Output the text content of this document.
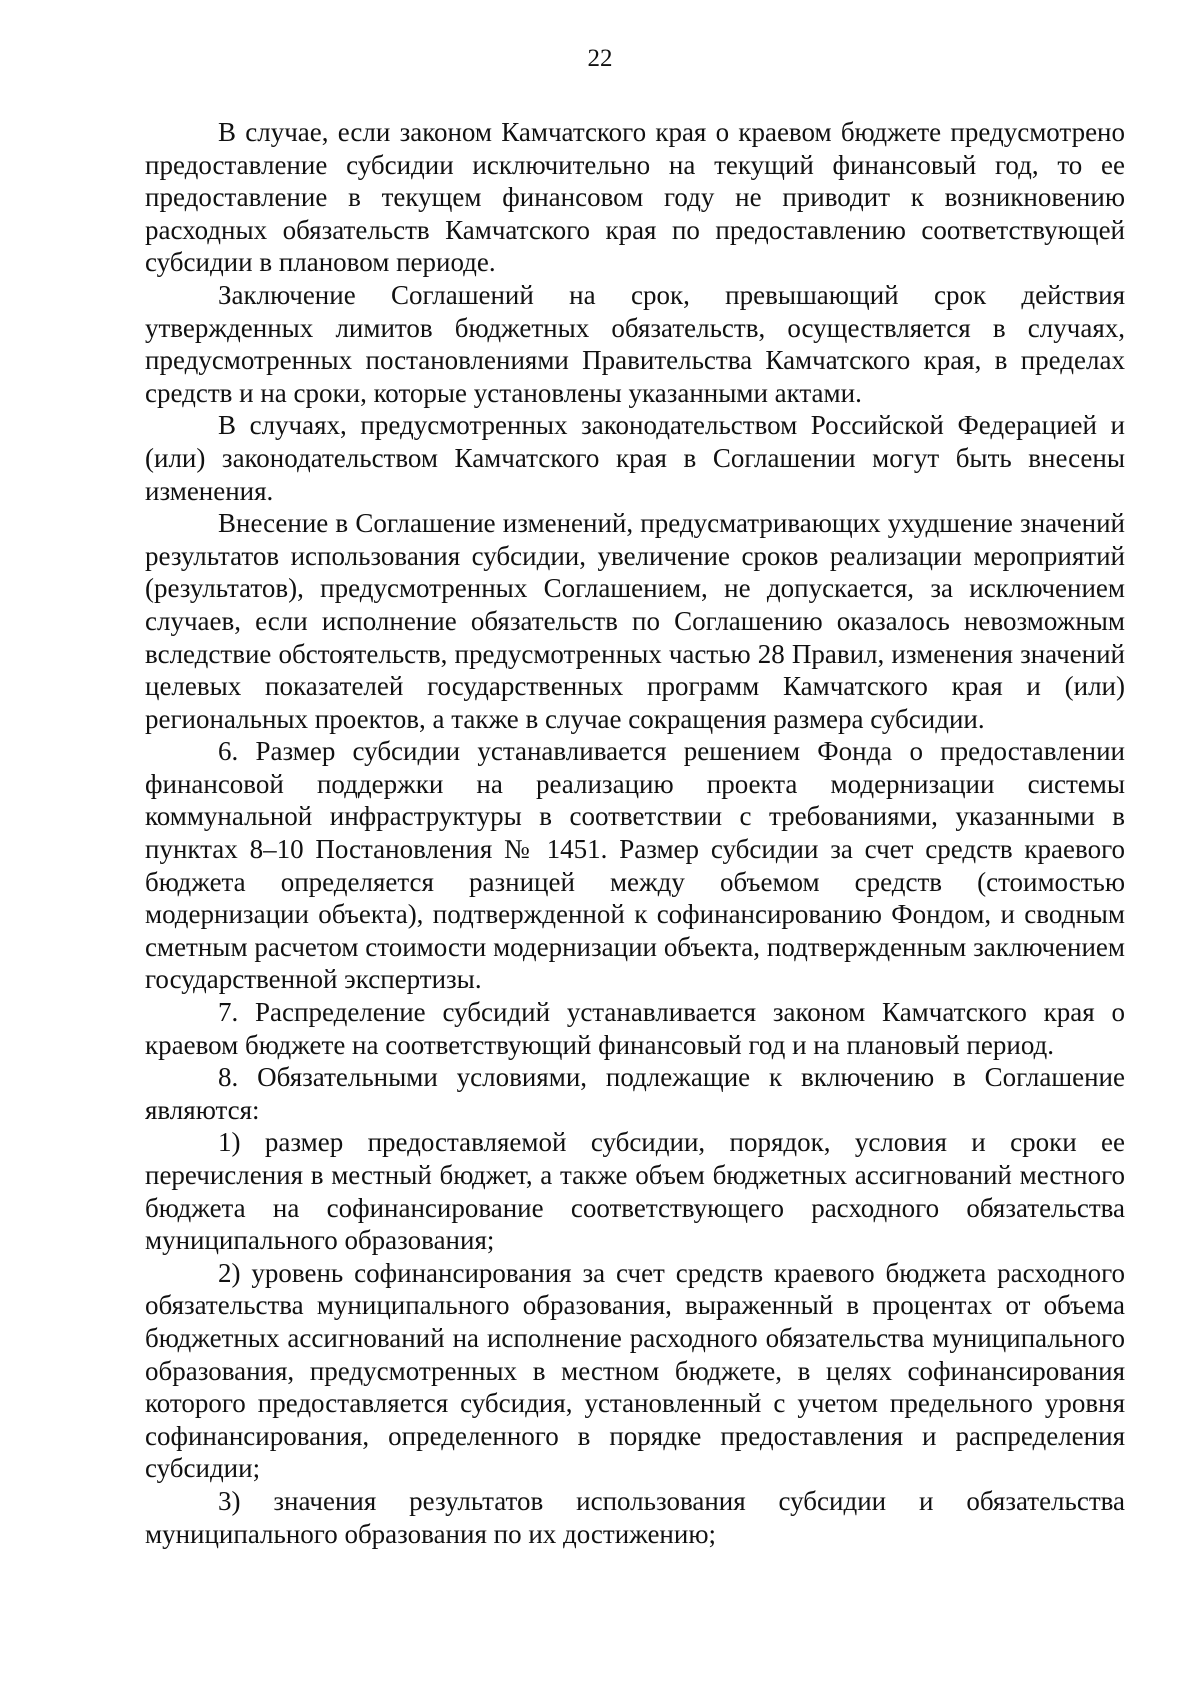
22

В случае, если законом Камчатского края о краевом бюджете предусмотрено предоставление субсидии исключительно на текущий финансовый год, то ее предоставление в текущем финансовом году не приводит к возникновению расходных обязательств Камчатского края по предоставлению соответствующей субсидии в плановом периоде.

Заключение Соглашений на срок, превышающий срок действия утвержденных лимитов бюджетных обязательств, осуществляется в случаях, предусмотренных постановлениями Правительства Камчатского края, в пределах средств и на сроки, которые установлены указанными актами.

В случаях, предусмотренных законодательством Российской Федерацией и (или) законодательством Камчатского края в Соглашении могут быть внесены изменения.

Внесение в Соглашение изменений, предусматривающих ухудшение значений результатов использования субсидии, увеличение сроков реализации мероприятий (результатов), предусмотренных Соглашением, не допускается, за исключением случаев, если исполнение обязательств по Соглашению оказалось невозможным вследствие обстоятельств, предусмотренных частью 28 Правил, изменения значений целевых показателей государственных программ Камчатского края и (или) региональных проектов, а также в случае сокращения размера субсидии.

6. Размер субсидии устанавливается решением Фонда о предоставлении финансовой поддержки на реализацию проекта модернизации системы коммунальной инфраструктуры в соответствии с требованиями, указанными в пунктах 8–10 Постановления № 1451. Размер субсидии за счет средств краевого бюджета определяется разницей между объемом средств (стоимостью модернизации объекта), подтвержденной к софинансированию Фондом, и сводным сметным расчетом стоимости модернизации объекта, подтвержденным заключением государственной экспертизы.

7. Распределение субсидий устанавливается законом Камчатского края о краевом бюджете на соответствующий финансовый год и на плановый период.

8. Обязательными условиями, подлежащие к включению в Соглашение являются:

1) размер предоставляемой субсидии, порядок, условия и сроки ее перечисления в местный бюджет, а также объем бюджетных ассигнований местного бюджета на софинансирование соответствующего расходного обязательства муниципального образования;

2) уровень софинансирования за счет средств краевого бюджета расходного обязательства муниципального образования, выраженный в процентах от объема бюджетных ассигнований на исполнение расходного обязательства муниципального образования, предусмотренных в местном бюджете, в целях софинансирования которого предоставляется субсидия, установленный с учетом предельного уровня софинансирования, определенного в порядке предоставления и распределения субсидии;

3) значения результатов использования субсидии и обязательства муниципального образования по их достижению;
